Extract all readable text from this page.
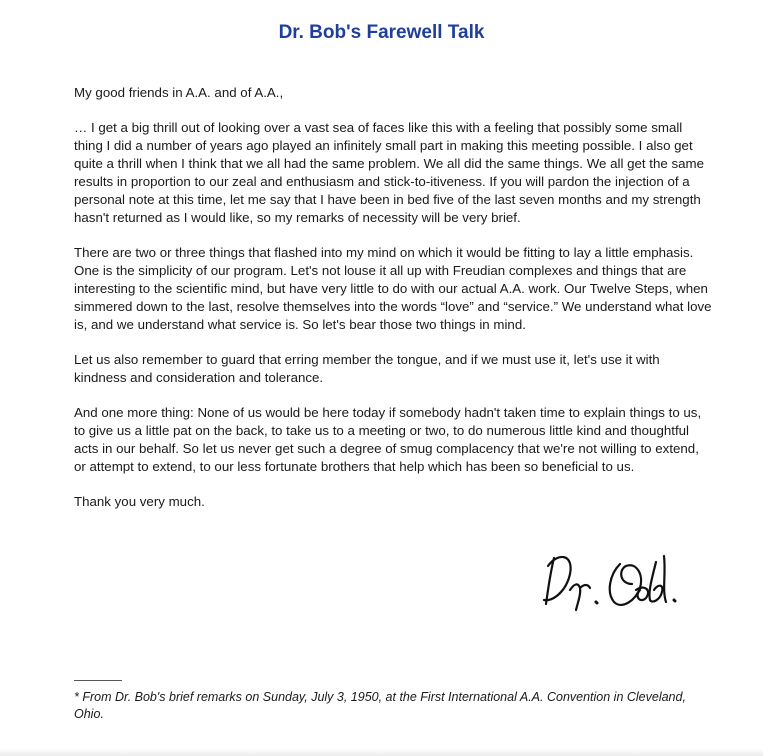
Dr. Bob's Farewell Talk

My good friends in A.A. and of A.A.,

… I get a big thrill out of looking over a vast sea of faces like this with a feeling that possibly some small thing I did a number of years ago played an infinitely small part in making this meeting possible. I also get quite a thrill when I think that we all had the same problem. We all did the same things. We all get the same results in proportion to our zeal and enthusiasm and stick-to-itiveness. If you will pardon the injection of a personal note at this time, let me say that I have been in bed five of the last seven months and my strength hasn't returned as I would like, so my remarks of necessity will be very brief.

There are two or three things that flashed into my mind on which it would be fitting to lay a little emphasis. One is the simplicity of our program. Let's not louse it all up with Freudian complexes and things that are interesting to the scientific mind, but have very little to do with our actual A.A. work. Our Twelve Steps, when simmered down to the last, resolve themselves into the words “love” and “service.” We understand what love is, and we understand what service is. So let's bear those two things in mind.

Let us also remember to guard that erring member the tongue, and if we must use it, let's use it with kindness and consideration and tolerance.

And one more thing: None of us would be here today if somebody hadn't taken time to explain things to us, to give us a little pat on the back, to take us to a meeting or two, to do numerous little kind and thoughtful acts in our behalf. So let us never get such a degree of smug complacency that we're not willing to extend, or attempt to extend, to our less fortunate brothers that help which has been so beneficial to us.

Thank you very much.

* From Dr. Bob's brief remarks on Sunday, July 3, 1950, at the First International A.A. Convention in Cleveland, Ohio.
